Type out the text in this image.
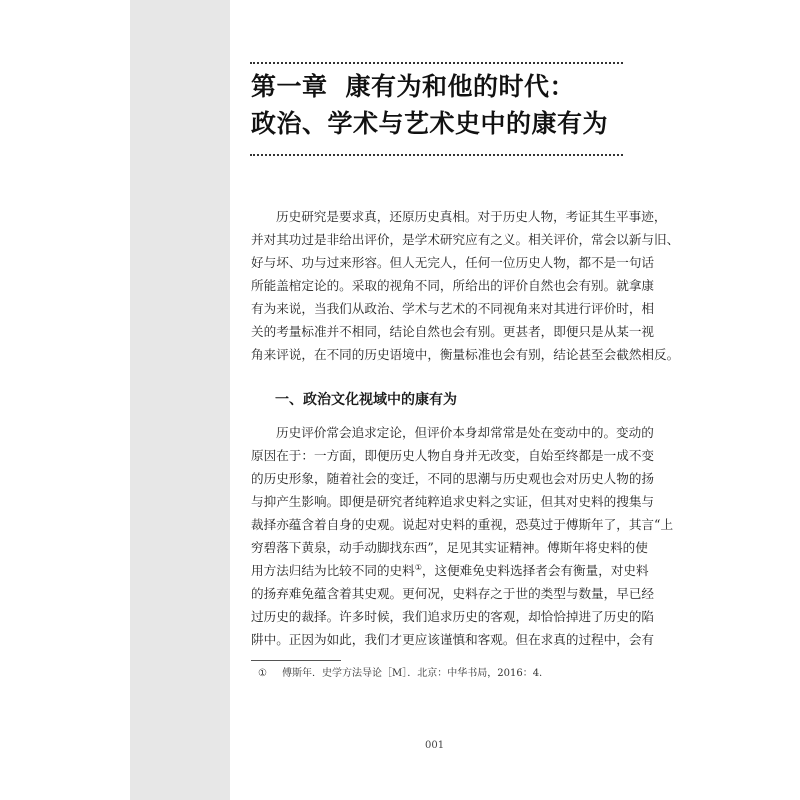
第一章 康有为和他的时代：
政治、学术与艺术史中的康有为
历史研究是要求真，还原历史真相。对于历史人物，考证其生平事迹，
并对其功过是非给出评价，是学术研究应有之义。相关评价，常会以新与旧、
好与坏、功与过来形容。但人无完人，任何一位历史人物，都不是一句话
所能盖棺定论的。采取的视角不同，所给出的评价自然也会有别。就拿康
有为来说，当我们从政治、学术与艺术的不同视角来对其进行评价时，相
关的考量标准并不相同，结论自然也会有别。更甚者，即便只是从某一视
角来评说，在不同的历史语境中，衡量标准也会有别，结论甚至会截然相反。
一、政治文化视域中的康有为
历史评价常会追求定论，但评价本身却常常是处在变动中的。变动的
原因在于：一方面，即便历史人物自身并无改变，自始至终都是一成不变
的历史形象，随着社会的变迁，不同的思潮与历史观也会对历史人物的扬
与抑产生影响。即便是研究者纯粹追求史料之实证，但其对史料的搜集与
裁择亦蕴含着自身的史观。说起对史料的重视，恐莫过于傅斯年了，其言“上
穷碧落下黄泉，动手动脚找东西”，足见其实证精神。傅斯年将史料的使
用方法归结为比较不同的史料①，这便难免史料选择者会有衡量，对史料
的扬弃难免蕴含着其史观。更何况，史料存之于世的类型与数量，早已经
过历史的裁择。许多时候，我们追求历史的客观，却恰恰掉进了历史的陷
阱中。正因为如此，我们才更应该谨慎和客观。但在求真的过程中，会有
① 傅斯年．史学方法导论［M］．北京：中华书局，2016：4.
001
